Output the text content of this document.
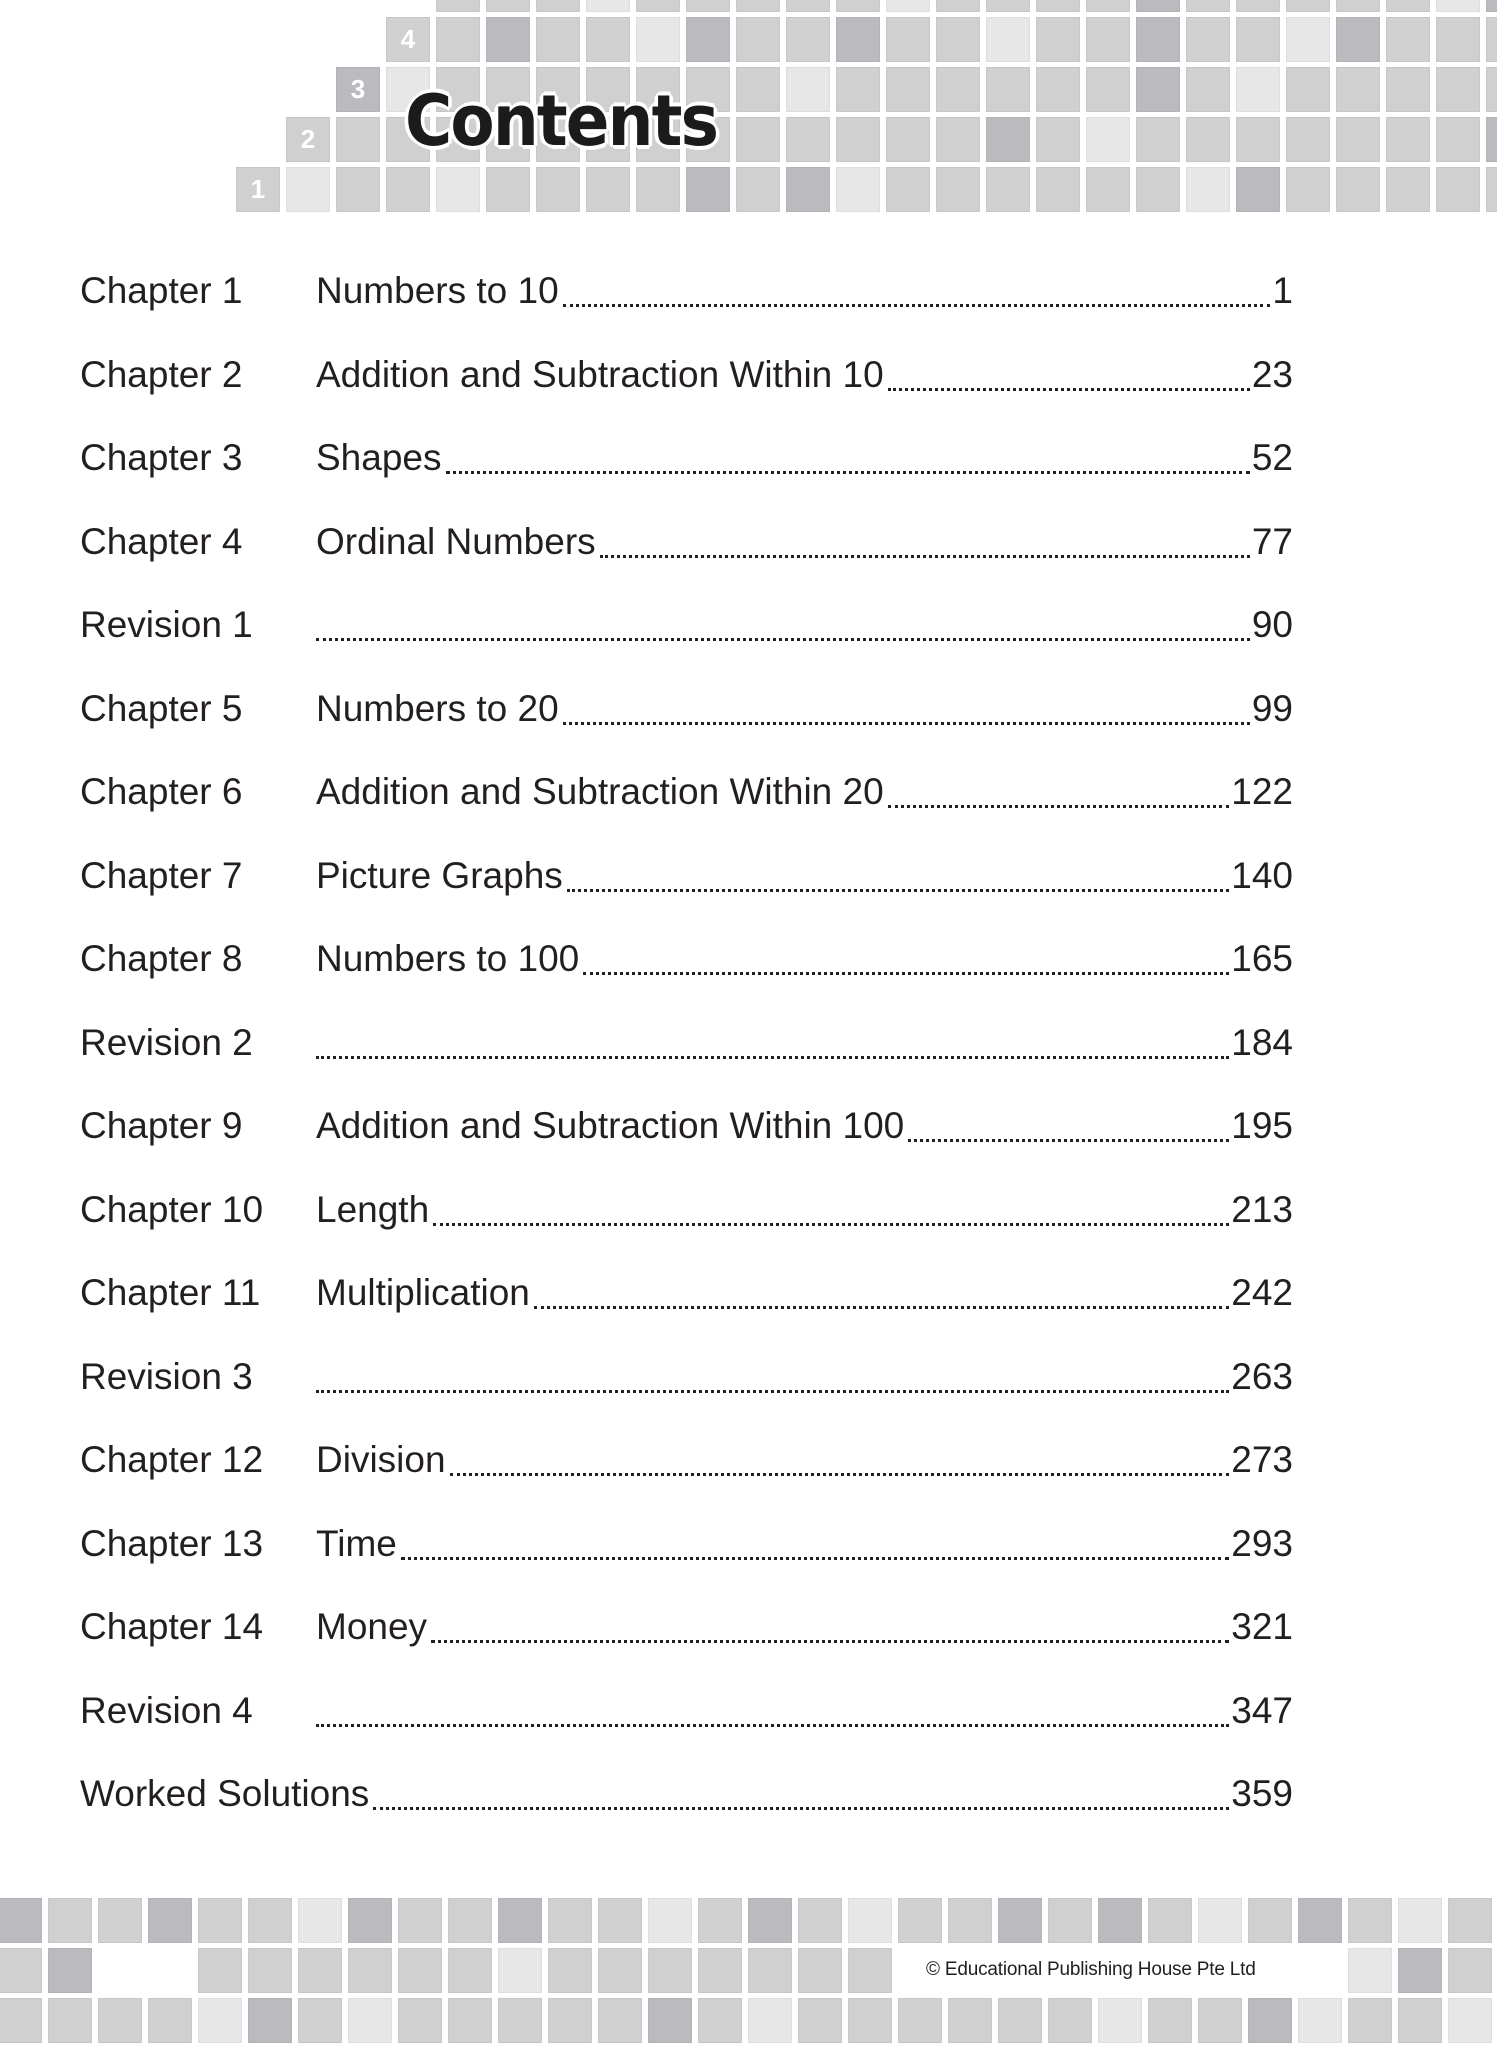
Contents
1
2
3
4
Chapter 1 Numbers to 10	1
Chapter 2 Addition and Subtraction Within 10	23
Chapter 3 Shapes	52
Chapter 4 Ordinal Numbers	77
Revision 1	90
Chapter 5 Numbers to 20	99
Chapter 6 Addition and Subtraction Within 20	122
Chapter 7 Picture Graphs	140
Chapter 8 Numbers to 100	165
Revision 2	184
Chapter 9 Addition and Subtraction Within 100	195
Chapter 10 Length	213
Chapter 11 Multiplication	242
Revision 3	263
Chapter 12 Division	273
Chapter 13 Time	293
Chapter 14 Money	321
Revision 4	347
Worked Solutions	359
© Educational Publishing House Pte Ltd
